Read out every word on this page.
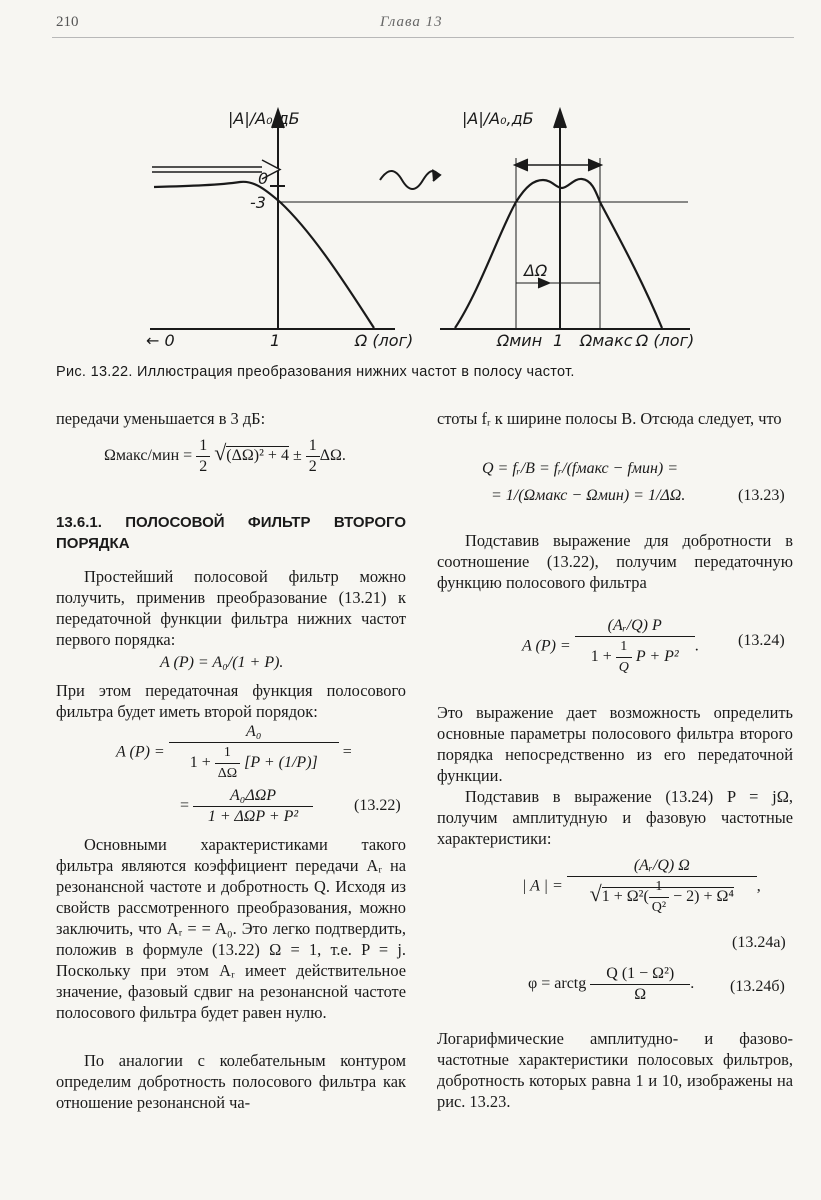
210	Глава 13
|A|/A₀,дБ
0
-3
← 0	1	Ω (лог)
|A|/A₀,дБ
ΔΩ
Ωмин 1 Ωмакс Ω (лог)
Рис. 13.22. Иллюстрация преобразования нижних частот в полосу частот.

передачи уменьшается в 3 дБ:

Ωмакс/мин = $\frac{1}{2} √(\Delta\Omega)^2 + 4 \pm \frac{1}{2} \Delta\Omega$.

13.6.1. ПОЛОСОВОЙ ФИЛЬТР ВТОРОГО ПОРЯДКА

Простейший полосовой фильтр можно получить, применив преобразование (13.21) к передаточной функции фильтра нижних частот первого порядка:

A (P) = A₀/(1 + P).

При этом передаточная функция полосового фильтра будет иметь второй порядок:

A $(P) = \frac{\text{A₀}}{1 + \frac{1}{\Delta\Omega} [P + (1/P)]}$ =
= $\frac{\text{A₀ΔΩP}}{\text{1 + ΔΩP + P²}}$	(13.22)

Основными характеристиками такого фильтра являются коэффициент передачи Aᵣ на резонансной частоте и добротность Q. Исходя из свойств рассмотренного преобразования, можно заключить, что Aᵣ = = A₀. Это легко подтвердить, положив в формуле (13.22) Ω = 1, т.е. P = j. Поскольку при этом Aᵣ имеет действительное значение, фазовый сдвиг на резонансной частоте полосового фильтра будет равен нулю.

По аналогии с колебательным контуром определим добротность полосового фильтра как отношение резонансной ча-

стоты fᵣ к ширине полосы B. Отсюда следует, что

Q = fᵣ/B = fᵣ/(fмакс − fмин) =
= 1/(Ωмакс − Ωмин) = 1/ΔΩ.	(13.23)

Подставив выражение для добротности в соотношение (13.22), получим передаточную функцию полосового фильтра

A $(P) = \frac{\text{(Aᵣ/Q) P}}{1 + \frac{1}{Q} P + P^2}$ . (13.24)

Это выражение дает возможность определить основные параметры полосового фильтра второго порядка непосредственно из его передаточной функции.

Подставив в выражение (13.24) P = jΩ, получим амплитудную и фазовую частотные характеристики:

| A | = $\frac{\text{(Aᵣ/Q) Ω}}{√1 + \Omega^2( \frac{1}{\text{Q²}} - 2) + \Omega^4}$ ,
(13.24a)
φ = arctg $\frac{\text{Q (1 − Ω²)}}{\Omega}$ . (13.24б)

Логарифмические амплитудно- и фазово-частотные характеристики полосовых фильтров, добротность которых равна 1 и 10, изображены на рис. 13.23.
